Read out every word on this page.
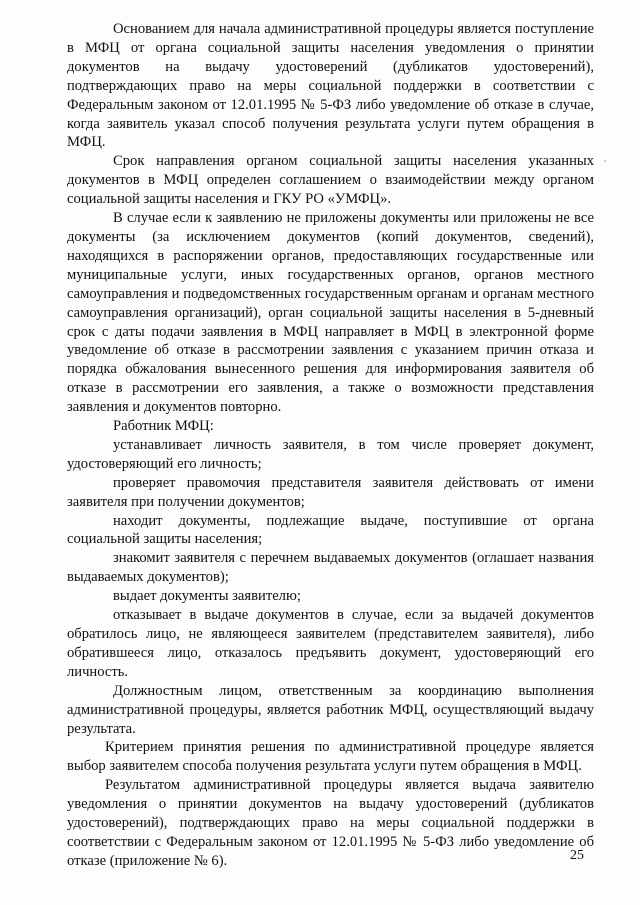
Основанием для начала административной процедуры является поступление в МФЦ от органа социальной защиты населения уведомления о принятии документов на выдачу удостоверений (дубликатов удостоверений), подтверждающих право на меры социальной поддержки в соответствии с Федеральным законом от 12.01.1995 № 5-ФЗ либо уведомление об отказе в случае, когда заявитель указал способ получения результата услуги путем обращения в МФЦ.

Срок направления органом социальной защиты населения указанных документов в МФЦ определен соглашением о взаимодействии между органом социальной защиты населения и ГКУ РО «УМФЦ».

В случае если к заявлению не приложены документы или приложены не все документы (за исключением документов (копий документов, сведений), находящихся в распоряжении органов, предоставляющих государственные или муниципальные услуги, иных государственных органов, органов местного самоуправления и подведомственных государственным органам и органам местного самоуправления организаций), орган социальной защиты населения в 5-дневный срок с даты подачи заявления в МФЦ направляет в МФЦ в электронной форме уведомление об отказе в рассмотрении заявления с указанием причин отказа и порядка обжалования вынесенного решения для информирования заявителя об отказе в рассмотрении его заявления, а также о возможности представления заявления и документов повторно.

Работник МФЦ:

устанавливает личность заявителя, в том числе проверяет документ, удостоверяющий его личность;

проверяет правомочия представителя заявителя действовать от имени заявителя при получении документов;

находит документы, подлежащие выдаче, поступившие от органа социальной защиты населения;

знакомит заявителя с перечнем выдаваемых документов (оглашает названия выдаваемых документов);

выдает документы заявителю;

отказывает в выдаче документов в случае, если за выдачей документов обратилось лицо, не являющееся заявителем (представителем заявителя), либо обратившееся лицо, отказалось предъявить документ, удостоверяющий его личность.

Должностным лицом, ответственным за координацию выполнения административной процедуры, является работник МФЦ, осуществляющий выдачу результата.

Критерием принятия решения по административной процедуре является выбор заявителем способа получения результата услуги путем обращения в МФЦ.

Результатом административной процедуры является выдача заявителю уведомления о принятии документов на выдачу удостоверений (дубликатов удостоверений), подтверждающих право на меры социальной поддержки в соответствии с Федеральным законом от 12.01.1995 № 5-ФЗ либо уведомление об отказе (приложение № 6).	25
